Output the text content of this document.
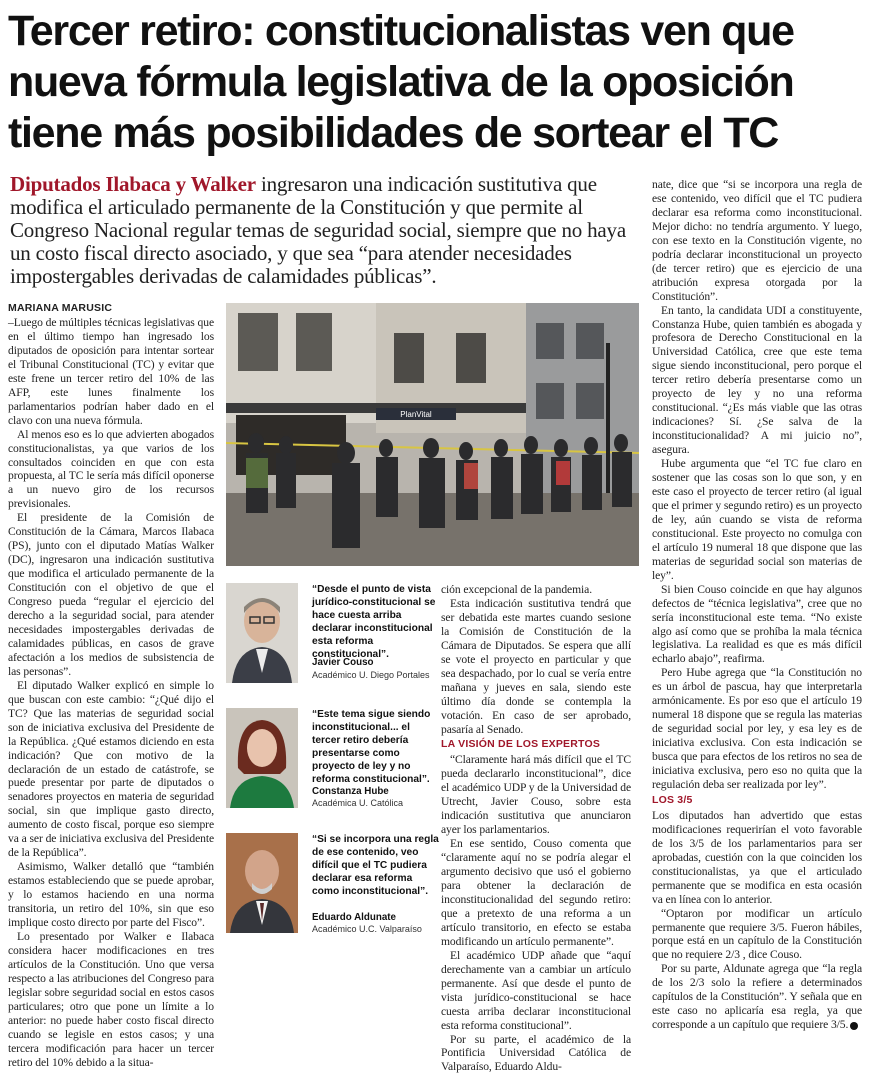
Tercer retiro: constitucionalistas ven que nueva fórmula legislativa de la oposición tiene más posibilidades de sortear el TC

Diputados Ilabaca y Walker ingresaron una indicación sustitutiva que modifica el articulado permanente de la Constitución y que permite al Congreso Nacional regular temas de seguridad social, siempre que no haya un costo fiscal directo asociado, y que sea “para atender necesidades impostergables derivadas de calamidades públicas”.

MARIANA MARUSIC

–Luego de múltiples técnicas legislativas que en el último tiempo han ingresado los diputados de oposición para intentar sortear el Tribunal Constitucional (TC) y evitar que este frene un tercer retiro del 10% de las AFP, este lunes finalmente los parlamentarios podrían haber dado en el clavo con una nueva fórmula.

Al menos eso es lo que advierten abogados constitucionalistas, ya que varios de los consultados coinciden en que con esta propuesta, al TC le sería más difícil oponerse a un nuevo giro de los recursos previsionales.

El presidente de la Comisión de Constitución de la Cámara, Marcos Ilabaca (PS), junto con el diputado Matías Walker (DC), ingresaron una indicación sustitutiva que modifica el articulado permanente de la Constitución con el objetivo de que el Congreso pueda “regular el ejercicio del derecho a la seguridad social, para atender necesidades impostergables derivadas de calamidades públicas, en casos de grave afectación a los medios de subsistencia de las personas”.

El diputado Walker explicó en simple lo que buscan con este cambio: “¿Qué dijo el TC? Que las materias de seguridad social son de iniciativa exclusiva del Presidente de la República. ¿Qué estamos diciendo en esta indicación? Que con motivo de la declaración de un estado de catástrofe, se puede presentar por parte de diputados o senadores proyectos en materia de seguridad social, sin que implique gasto directo, aumento de costo fiscal, porque eso siempre va a ser de iniciativa exclusiva del Presidente de la República”.

Asimismo, Walker detalló que “también estamos estableciendo que se puede aprobar, y lo estamos haciendo en una norma transitoria, un retiro del 10%, sin que eso implique costo directo por parte del Fisco”.

Lo presentado por Walker e Ilabaca considera hacer modificaciones en tres artículos de la Constitución. Uno que versa respecto a las atribuciones del Congreso para legislar sobre seguridad social en estos casos particulares; otro que pone un límite a lo anterior: no puede haber costo fiscal directo cuando se legisle en estos casos; y una tercera modificación para hacer un tercer retiro del 10% debido a la situa-

PlanVital
“Desde el punto de vista jurídico-constitucional se hace cuesta arriba declarar inconstitucional esta reforma constitucional”.
Javier Couso
Académico U. Diego Portales
“Este tema sigue siendo inconstitucional... el tercer retiro debería presentarse como proyecto de ley y no reforma constitucional”.
Constanza Hube
Académica U. Católica
“Si se incorpora una regla de ese contenido, veo difícil que el TC pudiera declarar esa reforma como inconstitucional”.
Eduardo Aldunate
Académico U.C. Valparaíso

ción excepcional de la pandemia.

Esta indicación sustitutiva tendrá que ser debatida este martes cuando sesione la Comisión de Constitución de la Cámara de Diputados. Se espera que allí se vote el proyecto en particular y que sea despachado, por lo cual se vería entre mañana y jueves en sala, siendo este último día donde se contempla la votación. En caso de ser aprobado, pasaría al Senado.

LA VISIÓN DE LOS EXPERTOS

“Claramente hará más difícil que el TC pueda declararlo inconstitucional”, dice el académico UDP y de la Universidad de Utrecht, Javier Couso, sobre esta indicación sustitutiva que anunciaron ayer los parlamentarios.

En ese sentido, Couso comenta que “claramente aquí no se podría alegar el argumento decisivo que usó el gobierno para obtener la declaración de inconstitucionalidad del segundo retiro: que a pretexto de una reforma a un artículo transitorio, en efecto se estaba modificando un artículo permanente”.

El académico UDP añade que “aquí derechamente van a cambiar un artículo permanente. Así que desde el punto de vista jurídico-constitucional se hace cuesta arriba declarar inconstitucional esta reforma constitucional”.

Por su parte, el académico de la Pontificia Universidad Católica de Valparaíso, Eduardo Aldu-

nate, dice que “si se incorpora una regla de ese contenido, veo difícil que el TC pudiera declarar esa reforma como inconstitucional. Mejor dicho: no tendría argumento. Y luego, con ese texto en la Constitución vigente, no podría declarar inconstitucional un proyecto (de tercer retiro) que es ejercicio de una atribución expresa otorgada por la Constitución”.

En tanto, la candidata UDI a constituyente, Constanza Hube, quien también es abogada y profesora de Derecho Constitucional en la Universidad Católica, cree que este tema sigue siendo inconstitucional, pero porque el tercer retiro debería presentarse como un proyecto de ley y no una reforma constitucional. “¿Es más viable que las otras indicaciones? Sí. ¿Se salva de la inconstitucionalidad? A mi juicio no”, asegura.

Hube argumenta que “el TC fue claro en sostener que las cosas son lo que son, y en este caso el proyecto de tercer retiro (al igual que el primer y segundo retiro) es un proyecto de ley, aún cuando se vista de reforma constitucional. Este proyecto no comulga con el artículo 19 numeral 18 que dispone que las materias de seguridad social son materias de ley”.

Si bien Couso coincide en que hay algunos defectos de “técnica legislativa”, cree que no sería inconstitucional este tema. “No existe algo así como que se prohíba la mala técnica legislativa. La realidad es que es más difícil echarlo abajo”, reafirma.

Pero Hube agrega que “la Constitución no es un árbol de pascua, hay que interpretarla armónicamente. Es por eso que el artículo 19 numeral 18 dispone que se regula las materias de seguridad social por ley, y esa ley es de iniciativa exclusiva. Con esta indicación se busca que para efectos de los retiros no sea de iniciativa exclusiva, pero eso no quita que la regulación deba ser realizada por ley”.

LOS 3/5

Los diputados han advertido que estas modificaciones requerirían el voto favorable de los 3/5 de los parlamentarios para ser aprobadas, cuestión con la que coinciden los constitucionalistas, ya que el articulado permanente que se modifica en esta ocasión va en línea con lo anterior.

“Optaron por modificar un artículo permanente que requiere 3/5. Fueron hábiles, porque está en un capítulo de la Constitución que no requiere 2/3 , dice Couso.

Por su parte, Aldunate agrega que “la regla de los 2/3 solo la refiere a determinados capítulos de la Constitución”. Y señala que en este caso no aplicaría esa regla, ya que corresponde a un capítulo que requiere 3/5.
